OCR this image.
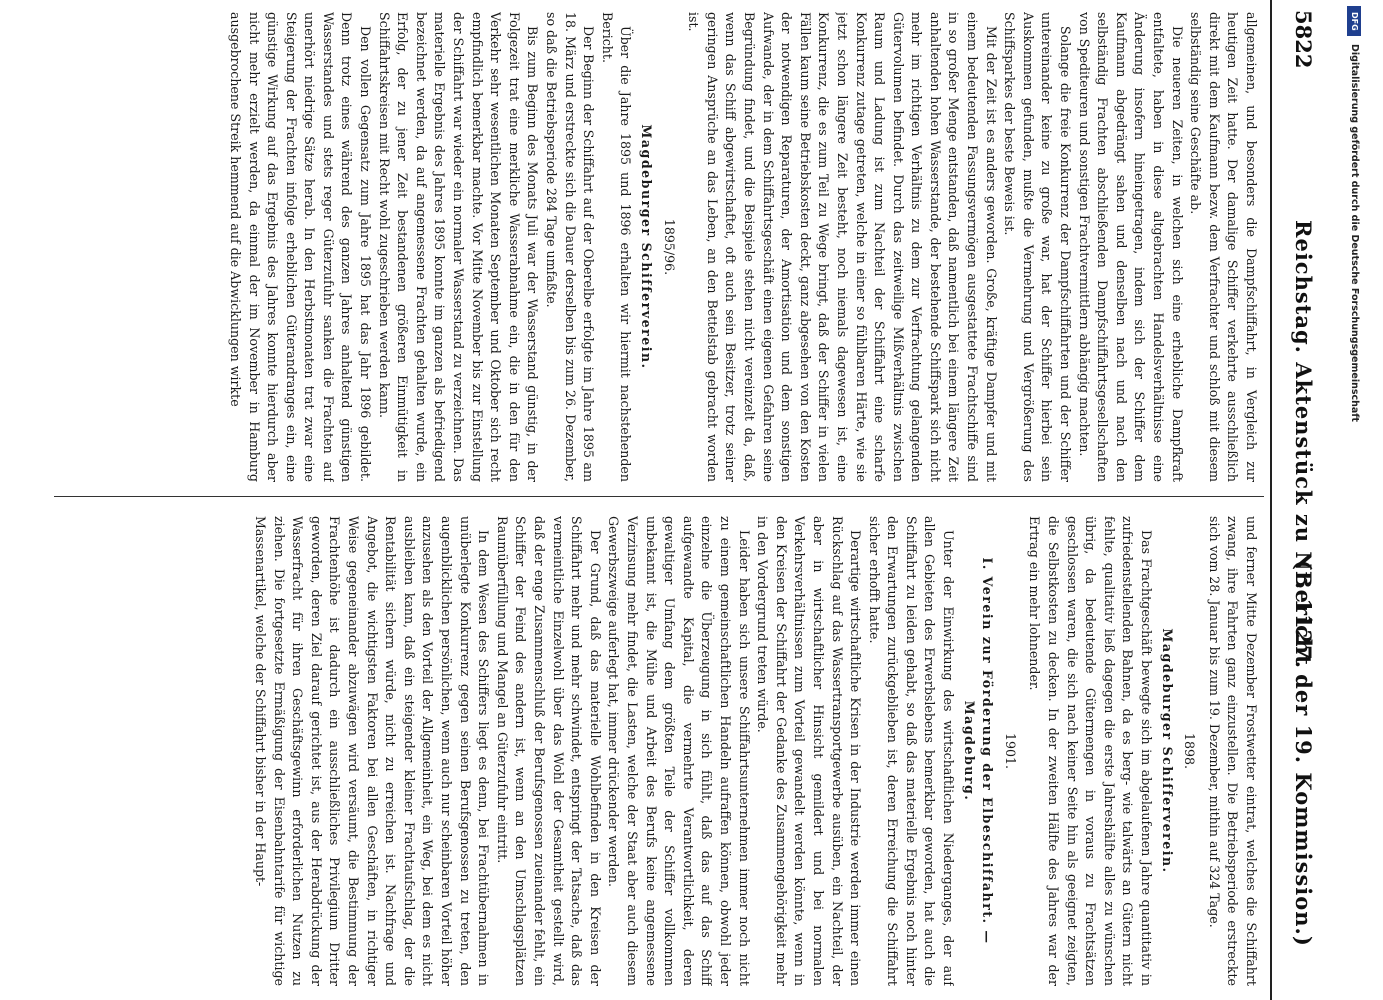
5822
Reichstag. Aktenstück zu Nr. 1127.
(Bericht der 19. Kommission.)

allgemeinen, und besonders die Dampfschiffahrt, in Vergleich zur heutigen Zeit hatte. Der damalige Schiffer verkehrte ausschließlich direkt mit dem Kaufmann bezw. dem Verfrachter und schloß mit diesem selbständig seine Geschäfte ab.

Die neueren Zeiten, in welchen sich eine erhebliche Dampfkraft entfaltete, haben in diese altgebrachten Handelsverhältnisse eine Änderung insofern hineingetragen, indem sich der Schiffer dem Kaufmann abgedrängt sahen und denselben nach und nach den selbständig Frachten abschließenden Dampfschiffahrtsgesellschaften von Spediteuren und sonstigen Frachtvermittlern abhängig machten.

Solange die freie Konkurrenz der Dampfschiffahrten und der Schiffer untereinander keine zu große war, hat der Schiffer hierbei sein Auskommen gefunden, mußte die Vermehrung und Vergrößerung des Schiffsparkes der beste Beweis ist.

Mit der Zeit ist es anders geworden. Große, kräftige Dampfer und mit einem bedeutenden Fassungsvermögen ausgestattete Frachtschiffe sind in so großer Menge entstanden, daß namentlich bei einem längere Zeit anhaltenden hohen Wasserstande, der bestehende Schiffspark sich nicht mehr im richtigen Verhältnis zu dem zur Verfrachtung gelangenden Gütervolumen befindet. Durch das zeitweilige Mißverhältnis zwischen Raum und Ladung ist zum Nachteil der Schiffahrt eine scharfe Konkurrenz zutage getreten, welche in einer so fühlbaren Härte, wie sie jetzt schon längere Zeit besteht, noch niemals dagewesen ist, eine Konkurrenz, die es zum Teil zu Wege bringt, daß der Schiffer in vielen Fällen kaum seine Betriebskosten deckt, ganz abgesehen von den Kosten der notwendigen Reparaturen, der Amortisation und dem sonstigen Aufwande, der in dem Schiffahrtsgeschäft einen eigenen Gefahren seine Begründung findet, und die Beispiele stehen nicht vereinzelt da, daß, wenn das Schiff abgewirtschaftet, oft auch sein Besitzer, trotz seiner geringen Ansprüche an das Leben, an den Bettelstab gebracht worden ist.

1895/96.
Magdeburger Schifferverein.

Über die Jahre 1895 und 1896 erhalten wir hiermit nachstehenden Bericht.

Der Beginn der Schiffahrt auf der Oberelbe erfolgte im Jahre 1895 am 18. März und erstreckte sich die Dauer derselben bis zum 26. Dezember, so daß die Betriebsperiode 284 Tage umfaßte.

Bis zum Beginn des Monats Juli war der Wasserstand günstig, in der Folgezeit trat eine merkliche Wasserabnahme ein, die in den für den Verkehr sehr wesentlichen Monaten September und Oktober sich recht empfindlich bemerkbar machte. Vor Mitte November bis zur Einstellung der Schiffahrt war wieder ein normaler Wasserstand zu verzeichnen. Das materielle Ergebnis des Jahres 1895 konnte im ganzen als befriedigend bezeichnet werden, da auf angemessene Frachten gehalten wurde, ein Erfolg, der zu jener Zeit bestandenen größeren Einmütigkeit in Schiffahrtskreisen mit Recht wohl zugeschrieben werden kann.

Den vollen Gegensatz zum Jahre 1895 hat das Jahr 1896 gebildet. Denn trotz eines während des ganzen Jahres anhaltend günstigen Wasserstandes und stets reger Güterzufuhr sanken die Frachten auf unerhört niedrige Sätze herab. In den Herbstmonaten trat zwar eine Steigerung der Frachten infolge erheblichen Güterandranges ein, eine günstige Wirkung auf das Ergebnis des Jahres konnte hierdurch aber nicht mehr erzielt werden, da einmal der im November in Hamburg ausgebrochene Streik hemmend auf die Abwicklungen wirkte

und ferner Mitte Dezember Frostwetter eintrat, welches die Schiffahrt zwang, ihre Fahrten ganz einzustellen. Die Betriebsperiode erstreckte sich vom 28. Januar bis zum 19. Dezember, mithin auf 324 Tage.

1898.
Magdeburger Schifferverein.

Das Frachtgeschäft bewegte sich im abgelaufenen Jahre quantitativ in zufriedenstellenden Bahnen, da es berg- wie talwärts an Gütern nicht fehlte, qualitativ ließ dagegen die erste Jahreshälfte alles zu wünschen übrig, da bedeutende Gütermengen in voraus zu Frachtsätzen geschlossen waren, die sich nach keiner Seite hin als geeignet zeigten, die Selbstkosten zu decken. In der zweiten Hälfte des Jahres war der Ertrag ein mehr lohnender.

1901.
I. Verein zur Förderung der Elbeschiffahrt. — Magdeburg.

Unter der Einwirkung des wirtschaftlichen Niederganges, der auf allen Gebieten des Erwerbslebens bemerkbar geworden, hat auch die Schiffahrt zu leiden gehabt, so daß das materielle Ergebnis noch hinter den Erwartungen zurückgeblieben ist, deren Erreichung die Schiffahrt sicher erhofft hatte.

Derartige wirtschaftliche Krisen in der Industrie werden immer einen Rückschlag auf das Wassertransportgewerbe ausüben, ein Nachteil, der aber in wirtschaftlicher Hinsicht gemildert und bei normalen Verkehrsverhältnissen zum Vorteil gewandelt werden könnte, wenn in den Kreisen der Schiffahrt der Gedanke des Zusammengehörigkeit mehr in den Vordergrund treten würde.

Leider haben sich unsere Schiffahrtsunternehmen immer noch nicht zu einem gemeinschaftlichen Handeln aufraffen können, obwohl jeder einzelne die Überzeugung in sich fühlt, daß das auf das Schiff aufgewandte Kapital, die vermehrte Verantwortlichkeit, deren gewaltiger Umfang dem größten Teile der Schiffer vollkommen unbekannt ist, die Mühe und Arbeit des Berufs keine angemessene Verzinsung mehr findet, die Lasten, welche der Staat aber auch diesem Gewerbszweige auferlegt hat, immer drückender werden.

Der Grund, daß das materielle Wohlbefinden in den Kreisen der Schiffahrt mehr und mehr schwindet, entspringt der Tatsache, daß das vermeintliche Einzelwohl über das Wohl der Gesamtheit gestellt wird, daß der enge Zusammenschluß der Berufsgenossen zueinander fehlt, ein Schiffer der Feind des andern ist, wenn an den Umschlagsplätzen Raumüberfüllung und Mangel an Güterzufuhr eintritt.

In dem Wesen des Schiffers liegt es denn, bei Frachtübernahmen in unüberlegte Konkurrenz gegen seinen Berufsgenossen zu treten, den augenblicklichen persönlichen, wenn auch nur scheinbaren Vorteil höher anzusehen als den Vorteil der Allgemeinheit, ein Weg, bei dem es nicht ausbleiben kann, daß ein steigender kleiner Frachtaufschlag, der die Rentabilität sichern würde, nicht zu erreichen ist. Nachfrage und Angebot, die wichtigsten Faktoren bei allen Geschäften, in richtiger Weise gegeneinander abzuwägen wird versäumt, die Bestimmung der Frachtenhöhe ist dadurch ein ausschließliches Privilegium Dritter geworden, deren Ziel darauf gerichtet ist, aus der Herabdrückung der Wasserfracht für ihren Geschäftsgewinn erforderlichen Nutzen zu ziehen. Die fortgesetzte Ermäßigung der Eisenbahntarife für wichtige Massenartikel, welche der Schiffahrt bisher in der Haupt-

DFG
Digitalisierung gefördert durch die Deutsche Forschungsgemeinschaft
